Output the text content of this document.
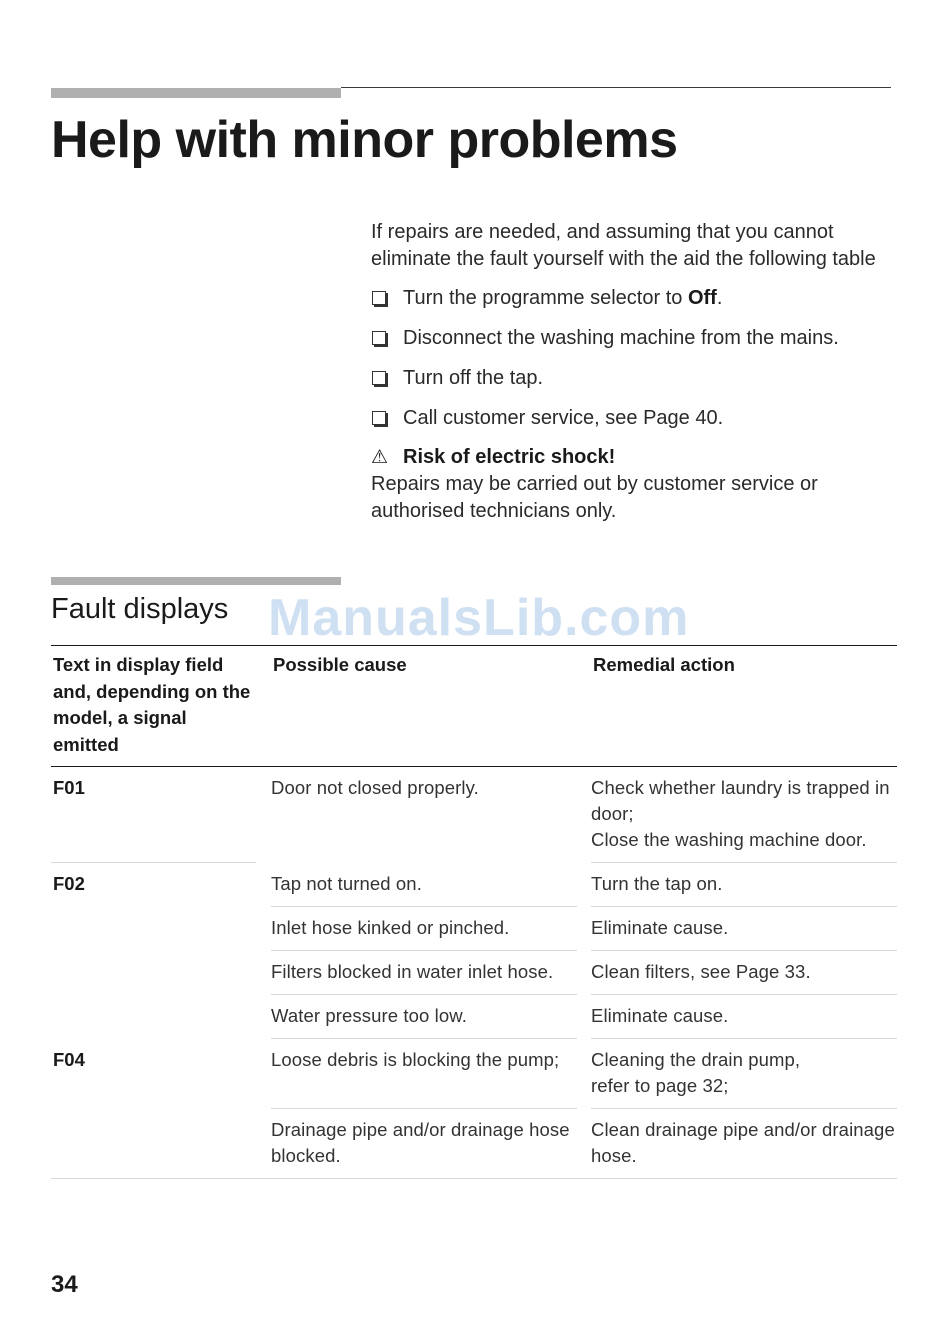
Help with minor problems

If repairs are needed, and assuming that you cannot eliminate the fault yourself with the aid the following table

Turn the programme selector to Off.
Disconnect the washing machine from the mains.
Turn off the tap.
Call customer service, see Page 40.
⚠ Risk of electric shock!

Repairs may be carried out by customer service or authorised technicians only.

Fault displays ManualsLib.com
Text in display field and, depending on the model, a signal emitted		Possible cause		Remedial action
F01		Door not closed properly.		Check whether laundry is trapped in door;
Close the washing machine door.
F02		Tap not turned on.		Turn the tap on.
		Inlet hose kinked or pinched.		Eliminate cause.
		Filters blocked in water inlet hose.		Clean filters, see Page 33.
		Water pressure too low.		Eliminate cause.
F04		Loose debris is blocking the pump;		Cleaning the drain pump,
refer to page 32;
		Drainage pipe and/or drainage hose blocked.		Clean drainage pipe and/or drainage hose.
34
